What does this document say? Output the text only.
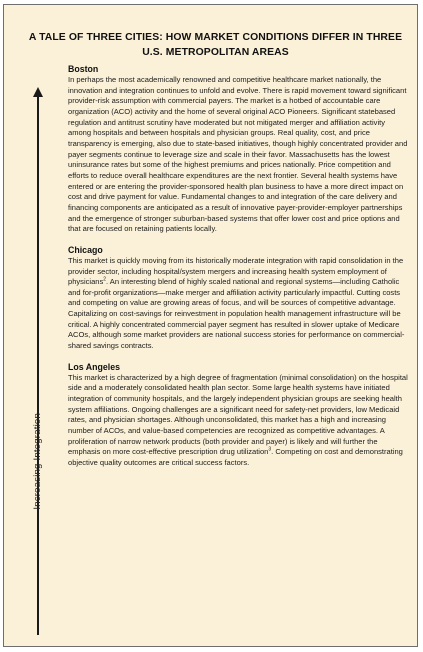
A TALE OF THREE CITIES: HOW MARKET CONDITIONS DIFFER IN THREE U.S. METROPOLITAN AREAS
Increasing Integration
Boston

In perhaps the most academically renowned and competitive healthcare market nationally, the innovation and integration continues to unfold and evolve. There is rapid movement toward significant provider-risk assumption with commercial payers. The market is a hotbed of accountable care organization (ACO) activity and the home of several original ACO Pioneers. Significant statebased regulation and antitrust scrutiny have moderated but not mitigated merger and affiliation activity among hospitals and between hospitals and physician groups. Real quality, cost, and price transparency is emerging, also due to state-based initiatives, though highly concentrated provider and payer segments continue to leverage size and scale in their favor. Massachusetts has the lowest uninsurance rates but some of the highest premiums and prices nationally. Price competition and efforts to reduce overall healthcare expenditures are the next frontier. Several health systems have entered or are entering the provider-sponsored health plan business to have a more direct impact on cost and drive payment for value. Fundamental changes to and integration of the care delivery and financing components are anticipated as a result of innovative payer-provider-employer partnerships and the emergence of stronger suburban-based systems that offer lower cost and price options and that are focused on retaining patients locally.

Chicago

This market is quickly moving from its historically moderate integration with rapid consolidation in the provider sector, including hospital/system mergers and increasing health system employment of physicians$^2$. An interesting blend of highly scaled national and regional systems—including Catholic and for-profit organizations—make merger and affiliation activity particularly impactful. Cutting costs and competing on value are growing areas of focus, and will be sources of competitive advantage. Capitalizing on cost-savings for reinvestment in population health management infrastructure will be critical. A highly concentrated commercial payer segment has resulted in slower uptake of Medicare ACOs, although some market providers are national success stories for performance on commercial-shared savings contracts.

Los Angeles

This market is characterized by a high degree of fragmentation (minimal consolidation) on the hospital side and a moderately consolidated health plan sector. Some large health systems have initiated integration of community hospitals, and the largely independent physician groups are seeking health system affiliations. Ongoing challenges are a significant need for safety-net providers, low Medicaid rates, and physician shortages. Although unconsolidated, this market has a high and increasing number of ACOs, and value-based competencies are recognized as competitive advantages. A proliferation of narrow network products (both provider and payer) is likely and will further the emphasis on more cost-effective prescription drug utilization$^3$. Competing on cost and demonstrating objective quality outcomes are critical success factors.
